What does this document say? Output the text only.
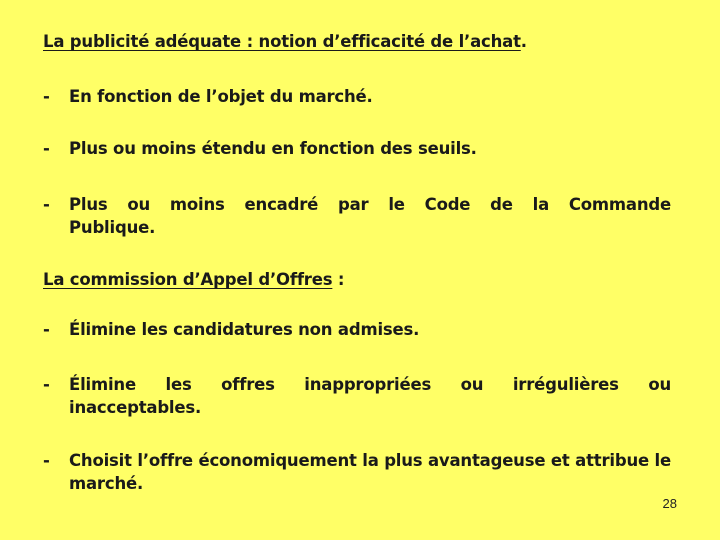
La publicité adéquate : notion d’efficacité de l’achat.
- En fonction de l’objet du marché.
- Plus ou moins étendu en fonction des seuils.
- Plus ou moins encadré par le Code de la Commande Publique.
La commission d’Appel d’Offres :
- Élimine les candidatures non admises.
- Élimine les offres inappropriées ou irrégulières ou inacceptables.
- Choisit l’offre économiquement la plus avantageuse et attribue le marché.
28
